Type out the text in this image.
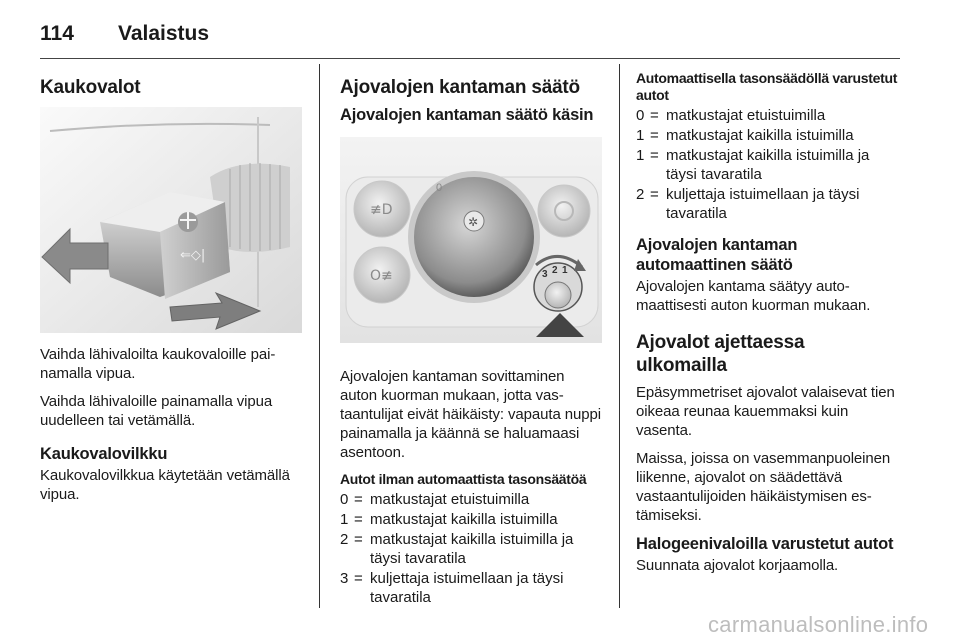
114	Valaistus
Kaukovalot
⇐◇|

Vaihda lähivaloilta kaukovaloille painamalla vipua.

Vaihda lähivaloille painamalla vipua uudelleen tai vetämällä.

Kaukovalovilkku

Kaukovalovilkkua käytetään vetämällä vipua.

Ajovalojen kantaman säätö
Ajovalojen kantaman säätö käsin
≢D
O≢
✲
0
3 2 1

Ajovalojen kantaman sovittaminen auton kuorman mukaan, jotta vastaantulijat eivät häikäisty: vapauta nuppi painamalla ja käännä se haluamaasi asentoon.

Autot ilman automaattista tasonsäätöä
0 = matkustajat etuistuimilla
1 = matkustajat kaikilla istuimilla
2 = matkustajat kaikilla istuimilla ja täysi tavaratila
3 = kuljettaja istuimellaan ja täysi tavaratila
Automaattisella tasonsäädöllä varustetut autot
0 = matkustajat etuistuimilla
1 = matkustajat kaikilla istuimilla
1 = matkustajat kaikilla istuimilla ja täysi tavaratila
2 = kuljettaja istuimellaan ja täysi tavaratila
Ajovalojen kantaman automaattinen säätö

Ajovalojen kantama säätyy automaattisesti auton kuorman mukaan.

Ajovalot ajettaessa ulkomailla

Epäsymmetriset ajovalot valaisevat tien oikeaa reunaa kauemmaksi kuin vasenta.

Maissa, joissa on vasemmanpuoleinen liikenne, ajovalot on säädettävä vastaantulijoiden häikäistymisen estämiseksi.

Halogeenivaloilla varustetut autot

Suunnata ajovalot korjaamolla.

carmanualsonline.info
